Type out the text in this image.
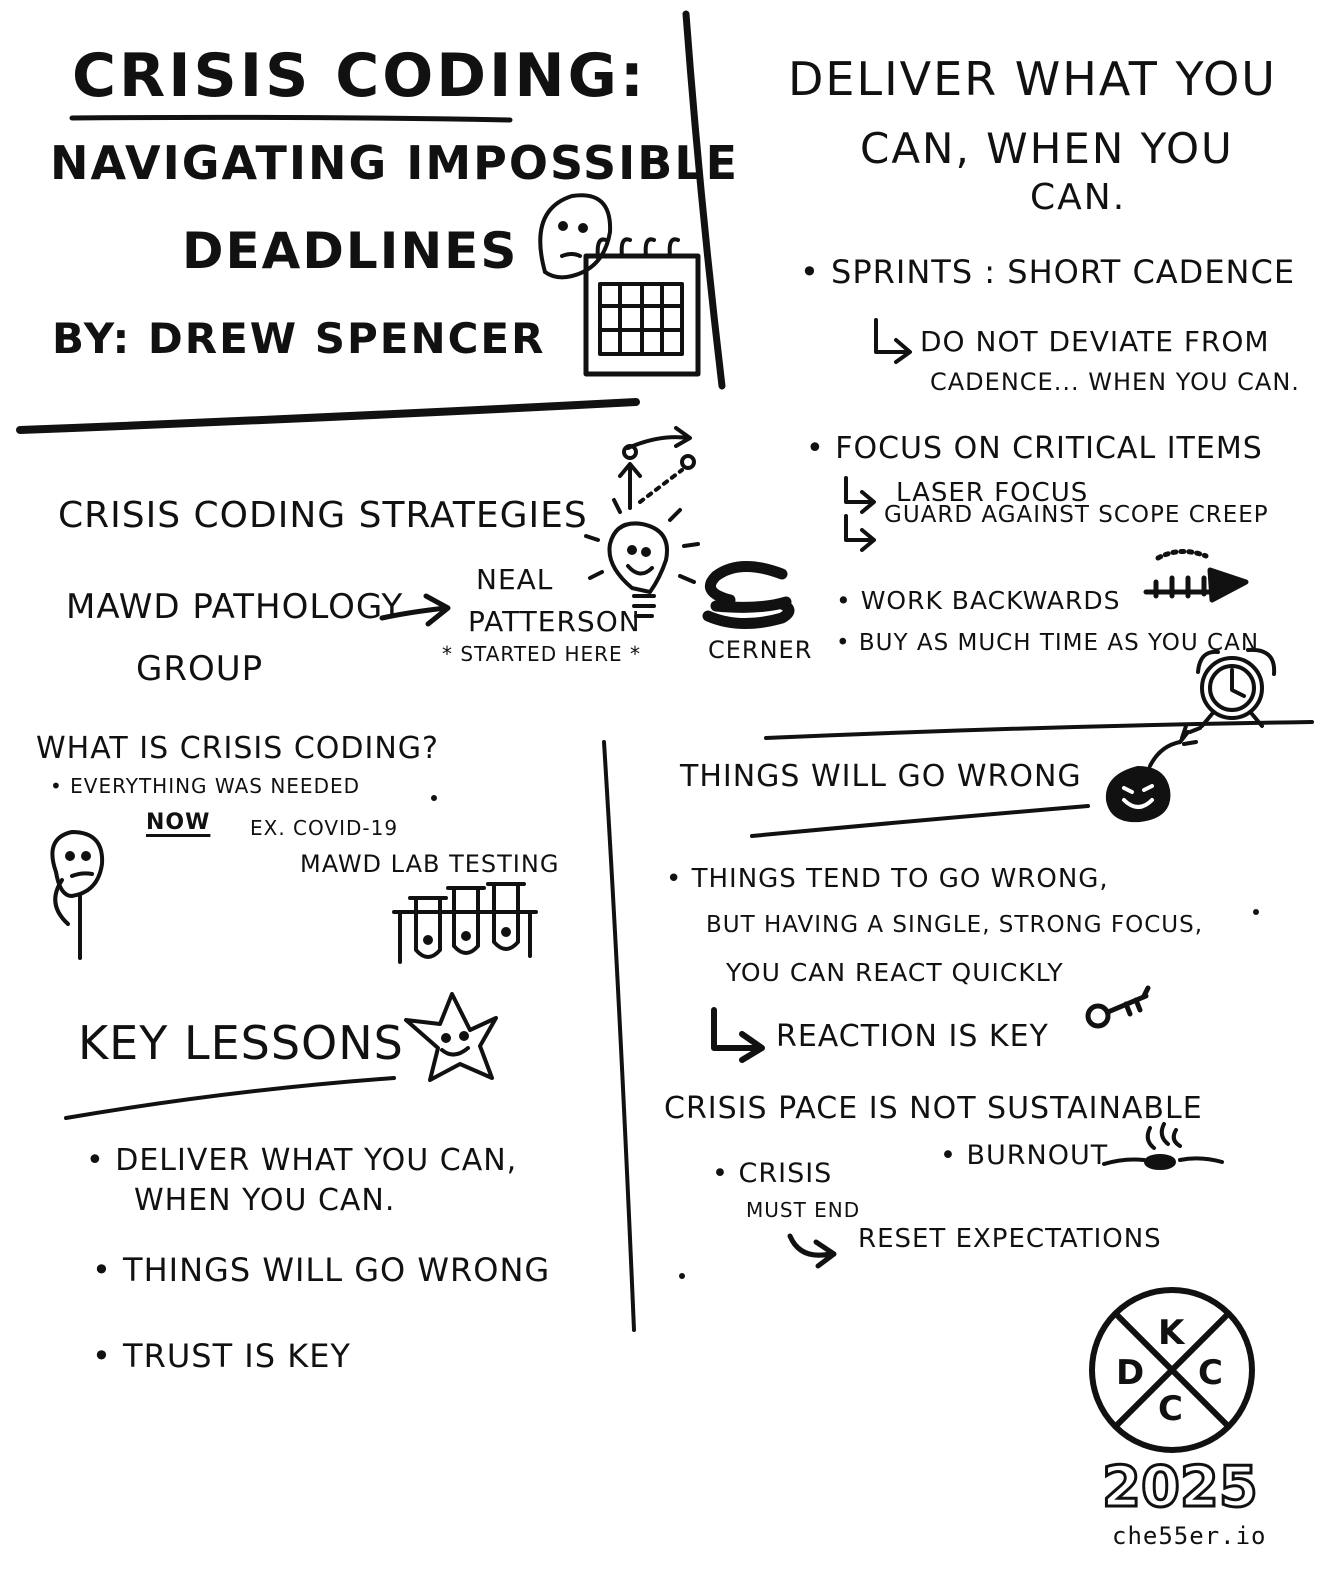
CRISIS CODING:
NAVIGATING IMPOSSIBLE
DEADLINES
BY: DREW SPENCER
CRISIS CODING STRATEGIES
MAWD PATHOLOGY
GROUP
NEAL
PATTERSON
* STARTED HERE *	CERNER
WHAT IS CRISIS CODING?
• EVERYTHING WAS NEEDED
NOW EX. COVID-19
MAWD LAB TESTING
KEY LESSONS
• DELIVER WHAT YOU CAN,
WHEN YOU CAN.
• THINGS WILL GO WRONG
• TRUST IS KEY
DELIVER WHAT YOU
CAN, WHEN YOU
CAN.
• SPRINTS : SHORT CADENCE
DO NOT DEVIATE FROM
CADENCE... WHEN YOU CAN.
• FOCUS ON CRITICAL ITEMS
LASER FOCUS
GUARD AGAINST SCOPE CREEP
• WORK BACKWARDS
• BUY AS MUCH TIME AS YOU CAN
THINGS WILL GO WRONG
• THINGS TEND TO GO WRONG,
BUT HAVING A SINGLE, STRONG FOCUS,
YOU CAN REACT QUICKLY
REACTION IS KEY
CRISIS PACE IS NOT SUSTAINABLE
• CRISIS
MUST END
• BURNOUT
RESET EXPECTATIONS
K
D C
C
2025
che55er.io
